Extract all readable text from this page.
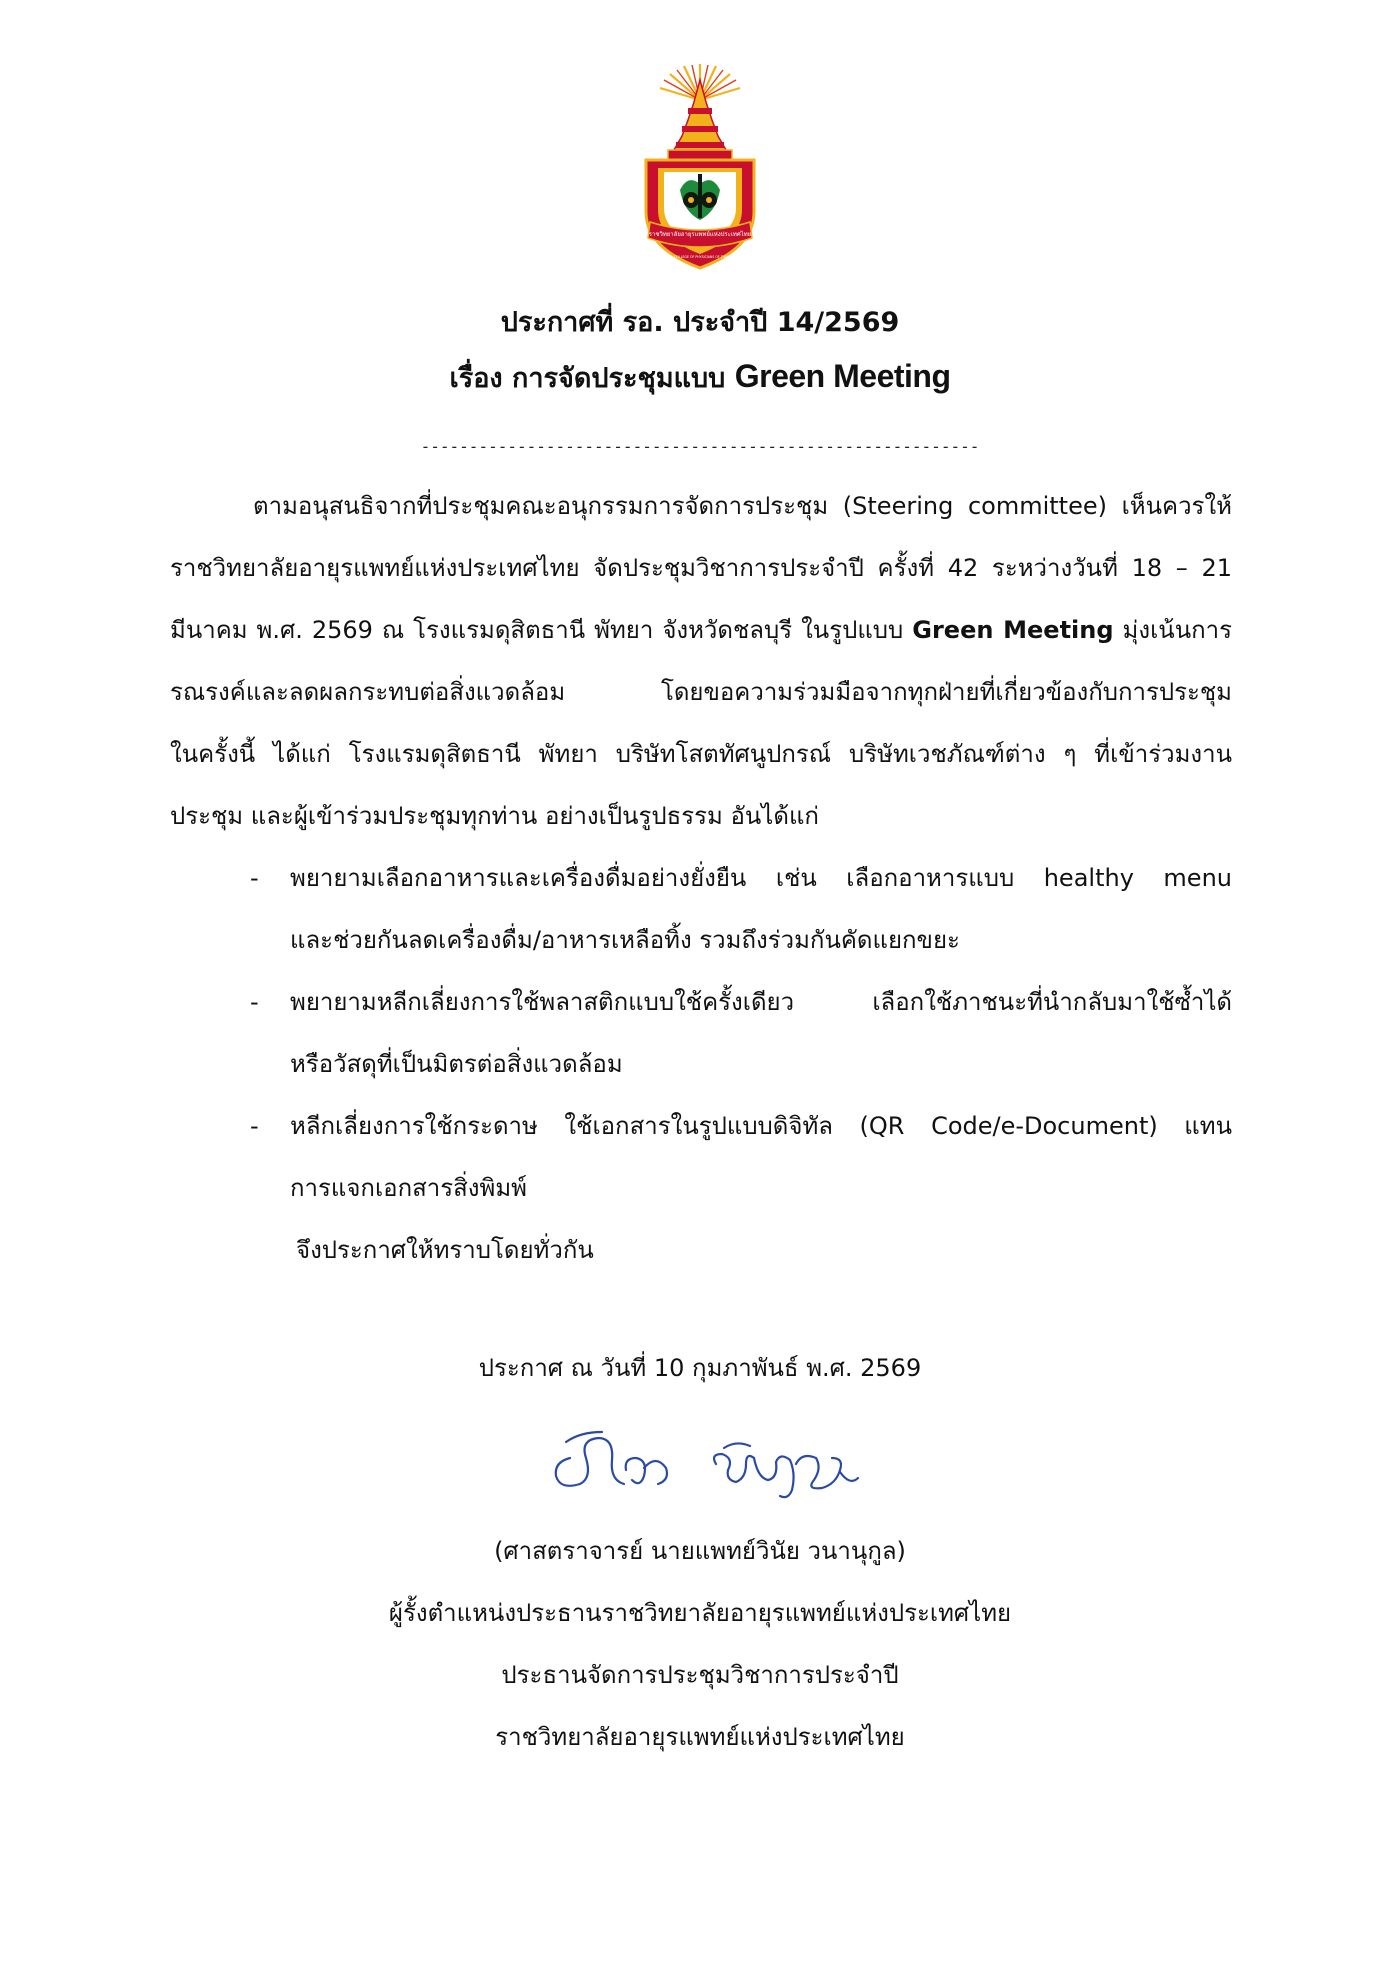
ราชวิทยาลัยอายุรแพทย์แห่งประเทศไทย
ROYAL COLLEGE OF PHYSICIANS OF THAILAND
ประกาศที่ รอ. ประจำปี 14/2569
เรื่อง การจัดประชุมแบบ Green Meeting
----------------------------------------------------------
ตามอนุสนธิจากที่ประชุมคณะอนุกรรมการจัดการประชุม (Steering committee) เห็นควรให้
ราชวิทยาลัยอายุรแพทย์แห่งประเทศไทย จัดประชุมวิชาการประจำปี ครั้งที่ 42 ระหว่างวันที่ 18 – 21
มีนาคม พ.ศ. 2569 ณ โรงแรมดุสิตธานี พัทยา จังหวัดชลบุรี ในรูปแบบ Green Meeting มุ่งเน้นการ
รณรงค์และลดผลกระทบต่อสิ่งแวดล้อม โดยขอความร่วมมือจากทุกฝ่ายที่เกี่ยวข้องกับการประชุม
ในครั้งนี้ ได้แก่ โรงแรมดุสิตธานี พัทยา บริษัทโสตทัศนูปกรณ์ บริษัทเวชภัณฑ์ต่าง ๆ ที่เข้าร่วมงาน
ประชุม และผู้เข้าร่วมประชุมทุกท่าน อย่างเป็นรูปธรรม อันได้แก่
- พยายามเลือกอาหารและเครื่องดื่มอย่างยั่งยืน เช่น เลือกอาหารแบบ healthy menu
และช่วยกันลดเครื่องดื่ม/อาหารเหลือทิ้ง รวมถึงร่วมกันคัดแยกขยะ
- พยายามหลีกเลี่ยงการใช้พลาสติกแบบใช้ครั้งเดียว เลือกใช้ภาชนะที่นำกลับมาใช้ซ้ำได้
หรือวัสดุที่เป็นมิตรต่อสิ่งแวดล้อม
- หลีกเลี่ยงการใช้กระดาษ ใช้เอกสารในรูปแบบดิจิทัล (QR Code/e-Document) แทน
การแจกเอกสารสิ่งพิมพ์
จึงประกาศให้ทราบโดยทั่วกัน
ประกาศ ณ วันที่ 10 กุมภาพันธ์ พ.ศ. 2569
(ศาสตราจารย์ นายแพทย์วินัย วนานุกูล)
ผู้รั้งตำแหน่งประธานราชวิทยาลัยอายุรแพทย์แห่งประเทศไทย
ประธานจัดการประชุมวิชาการประจำปี
ราชวิทยาลัยอายุรแพทย์แห่งประเทศไทย
